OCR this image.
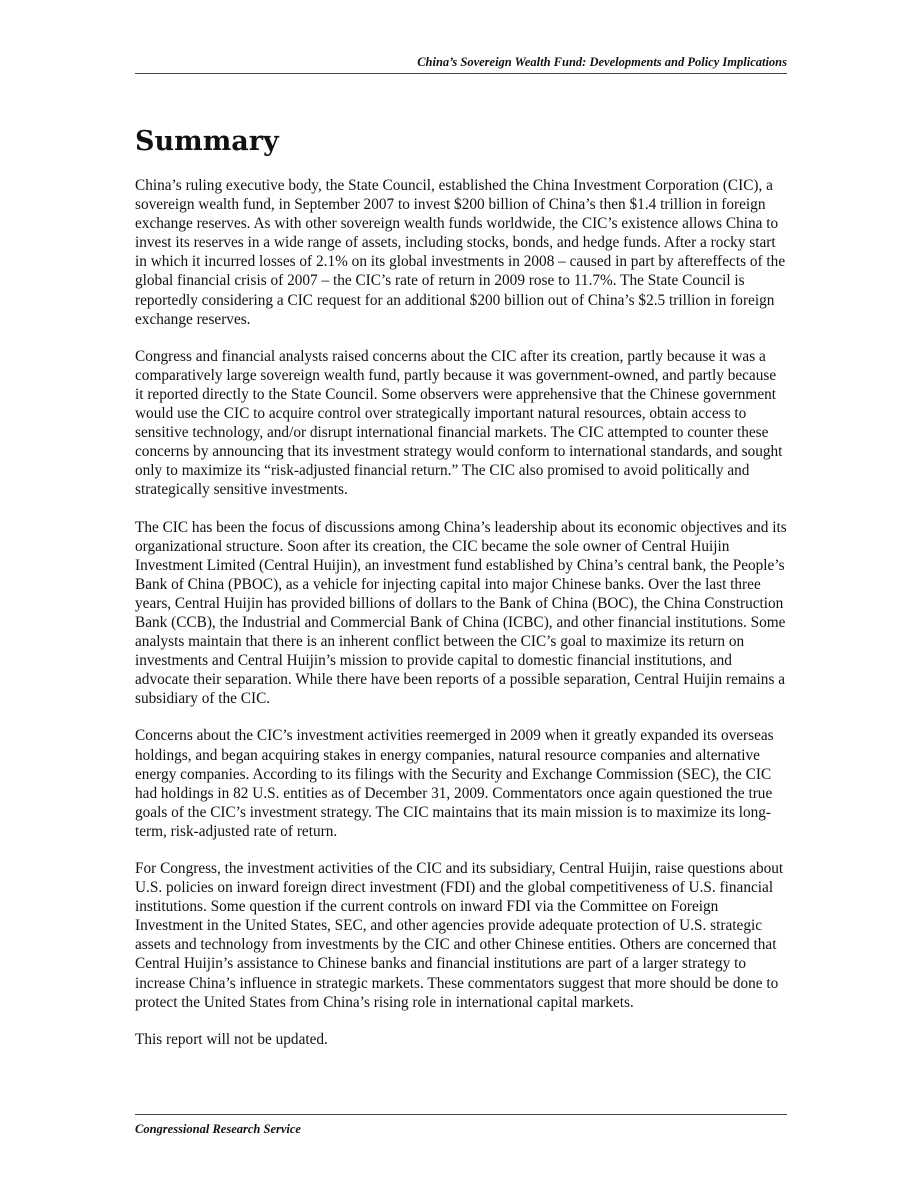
China’s Sovereign Wealth Fund: Developments and Policy Implications
Summary

China’s ruling executive body, the State Council, established the China Investment Corporation (CIC), a sovereign wealth fund, in September 2007 to invest $200 billion of China’s then $1.4 trillion in foreign exchange reserves. As with other sovereign wealth funds worldwide, the CIC’s existence allows China to invest its reserves in a wide range of assets, including stocks, bonds, and hedge funds. After a rocky start in which it incurred losses of 2.1% on its global investments in 2008 – caused in part by aftereffects of the global financial crisis of 2007 – the CIC’s rate of return in 2009 rose to 11.7%. The State Council is reportedly considering a CIC request for an additional $200 billion out of China’s $2.5 trillion in foreign exchange reserves.

Congress and financial analysts raised concerns about the CIC after its creation, partly because it was a comparatively large sovereign wealth fund, partly because it was government-owned, and partly because it reported directly to the State Council. Some observers were apprehensive that the Chinese government would use the CIC to acquire control over strategically important natural resources, obtain access to sensitive technology, and/or disrupt international financial markets. The CIC attempted to counter these concerns by announcing that its investment strategy would conform to international standards, and sought only to maximize its “risk-adjusted financial return.” The CIC also promised to avoid politically and strategically sensitive investments.

The CIC has been the focus of discussions among China’s leadership about its economic objectives and its organizational structure. Soon after its creation, the CIC became the sole owner of Central Huijin Investment Limited (Central Huijin), an investment fund established by China’s central bank, the People’s Bank of China (PBOC), as a vehicle for injecting capital into major Chinese banks. Over the last three years, Central Huijin has provided billions of dollars to the Bank of China (BOC), the China Construction Bank (CCB), the Industrial and Commercial Bank of China (ICBC), and other financial institutions. Some analysts maintain that there is an inherent conflict between the CIC’s goal to maximize its return on investments and Central Huijin’s mission to provide capital to domestic financial institutions, and advocate their separation. While there have been reports of a possible separation, Central Huijin remains a subsidiary of the CIC.

Concerns about the CIC’s investment activities reemerged in 2009 when it greatly expanded its overseas holdings, and began acquiring stakes in energy companies, natural resource companies and alternative energy companies. According to its filings with the Security and Exchange Commission (SEC), the CIC had holdings in 82 U.S. entities as of December 31, 2009. Commentators once again questioned the true goals of the CIC’s investment strategy. The CIC maintains that its main mission is to maximize its long-term, risk-adjusted rate of return.

For Congress, the investment activities of the CIC and its subsidiary, Central Huijin, raise questions about U.S. policies on inward foreign direct investment (FDI) and the global competitiveness of U.S. financial institutions. Some question if the current controls on inward FDI via the Committee on Foreign Investment in the United States, SEC, and other agencies provide adequate protection of U.S. strategic assets and technology from investments by the CIC and other Chinese entities. Others are concerned that Central Huijin’s assistance to Chinese banks and financial institutions are part of a larger strategy to increase China’s influence in strategic markets. These commentators suggest that more should be done to protect the United States from China’s rising role in international capital markets.

This report will not be updated.

Congressional Research Service
